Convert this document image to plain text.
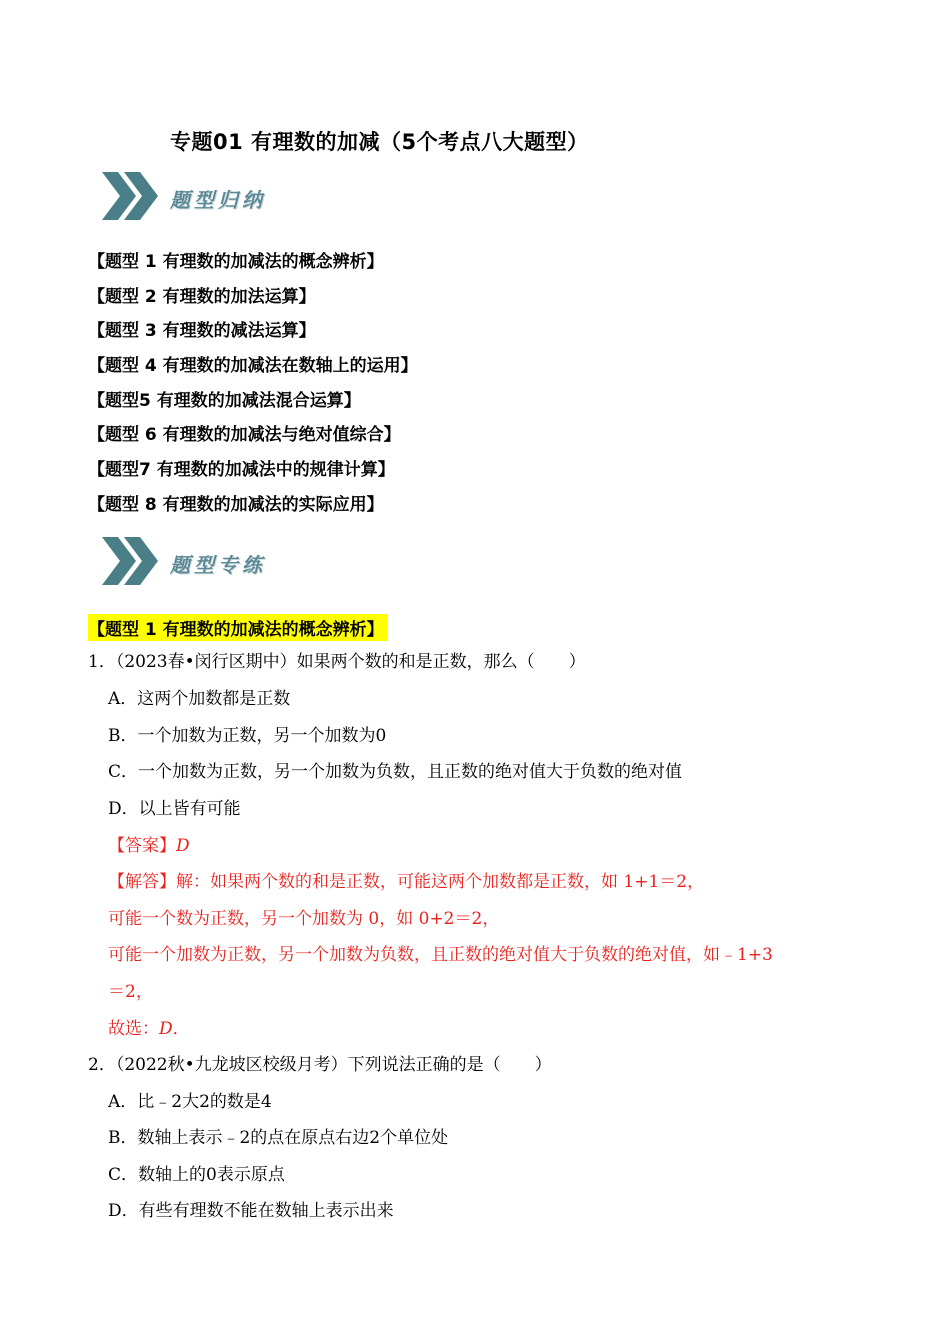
专题01 有理数的加减（5个考点八大题型）
题型归纳
【题型 1 有理数的加减法的概念辨析】
【题型 2 有理数的加法运算】
【题型 3 有理数的减法运算】
【题型 4 有理数的加减法在数轴上的运用】
【题型5 有理数的加减法混合运算】
【题型 6 有理数的加减法与绝对值综合】
【题型7 有理数的加减法中的规律计算】
【题型 8 有理数的加减法的实际应用】
题型专练
【题型 1 有理数的加减法的概念辨析】
1．（2023春•闵行区期中）如果两个数的和是正数，那么（　　）
A．这两个加数都是正数
B．一个加数为正数，另一个加数为0
C．一个加数为正数，另一个加数为负数，且正数的绝对值大于负数的绝对值
D．以上皆有可能
【答案】D
【解答】解：如果两个数的和是正数，可能这两个加数都是正数，如 1+1＝2，
可能一个数为正数，另一个加数为 0，如 0+2＝2，
可能一个加数为正数，另一个加数为负数，且正数的绝对值大于负数的绝对值，如﹣1+3
＝2，
故选：D．
2．（2022秋•九龙坡区校级月考）下列说法正确的是（　　）
A．比﹣2大2的数是4
B．数轴上表示﹣2的点在原点右边2个单位处
C．数轴上的0表示原点
D．有些有理数不能在数轴上表示出来
